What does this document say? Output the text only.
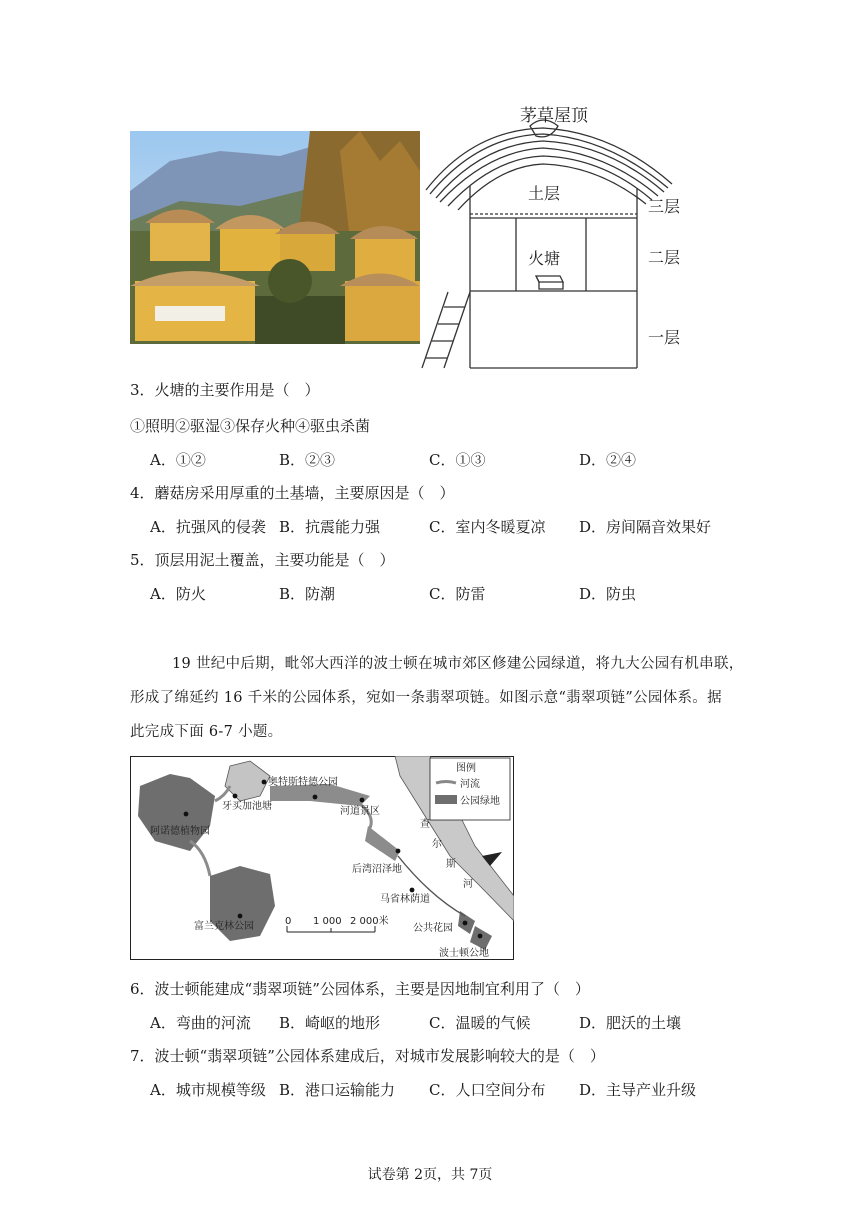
茅草屋顶
土层
火塘
三层
二层
一层
3．火塘的主要作用是（　）
①照明②驱湿③保存火种④驱虫杀菌
A．①②	B．②③	C．①③	D．②④
4．蘑菇房采用厚重的土基墙，主要原因是（　）
A．抗强风的侵袭 B．抗震能力强	C．室内冬暖夏凉 D．房间隔音效果好
5．顶层用泥土覆盖，主要功能是（　）
A．防火	B．防潮	C．防雷	D．防虫
19 世纪中后期，毗邻大西洋的波士顿在城市郊区修建公园绿道，将九大公园有机串联，
形成了绵延约 16 千米的公园体系，宛如一条翡翠项链。如图示意“翡翠项链”公园体系。据
此完成下面 6-7 小题。
图例
河流
公园绿地
奥特斯特德公园
牙买加池塘
阿诺德植物园
河道景区
后湾沼泽地
富兰克林公园
马省林荫道
公共花园
波士顿公地
查
尔
斯
河
0 1 000 2 000米
6．波士顿能建成“翡翠项链”公园体系，主要是因地制宜利用了（　）
A．弯曲的河流 B．崎岖的地形	C．温暖的气候	D．肥沃的土壤
7．波士顿“翡翠项链”公园体系建成后，对城市发展影响较大的是（　）
A．城市规模等级 B．港口运输能力 C．人口空间分布 D．主导产业升级
试卷第 2页，共 7页
